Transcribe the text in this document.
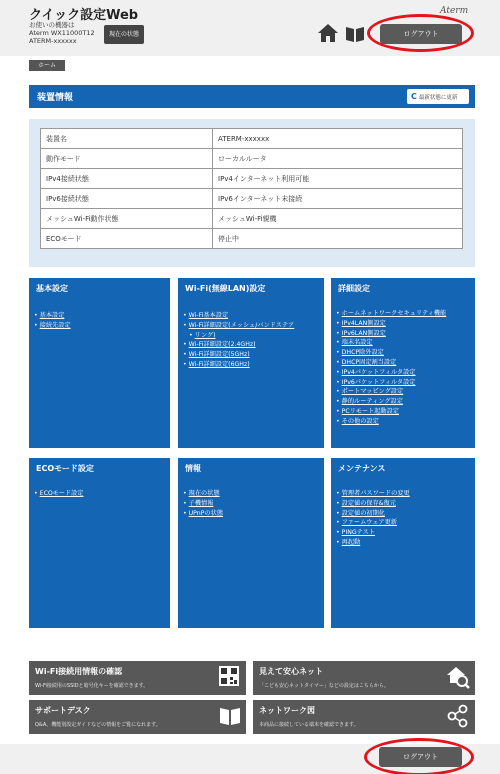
クイック設定Web
お使いの機器は
Aterm WX11000T12
ATERM-xxxxxx
現在の状態
Aterm
ログアウト
ホーム
装置情報	C 最新状態に更新
装置名	ATERM-xxxxxx
動作モード	ローカルルータ
IPv4接続状態	IPv4インターネット利用可能
IPv6接続状態	IPv6インターネット未接続
メッシュWi-Fi動作状態	メッシュWi-Fi親機
ECOモード	停止中
基本設定
• 基本設定
• 接続先設定
Wi-Fi(無線LAN)設定
• Wi-Fi基本設定
• Wi-Fi詳細設定(メッシュ/バンドステア
• リング)
• Wi-Fi詳細設定(2.4GHz)
• Wi-Fi詳細設定(5GHz)
• Wi-Fi詳細設定(6GHz)
詳細設定
• ホームネットワークセキュリティ機能
• IPv4LAN側設定
• IPv6LAN側設定
• 端末名設定
• DHCP除外設定
• DHCP固定割当設定
• IPv4パケットフィルタ設定
• IPv6パケットフィルタ設定
• ポートマッピング設定
• 静的ルーティング設定
• PCリモート起動設定
• その他の設定
ECOモード設定
• ECOモード設定
情報
• 現在の状態
• 子機情報
• UPnPの状態
メンテナンス
• 管理者パスワードの変更
• 設定値の保存&復元
• 設定値の初期化
• ファームウェア更新
• PINGテスト
• 再起動
Wi-Fi接続用情報の確認
Wi-Fi接続用のSSIDと暗号化キーを確認できます。
見えて安心ネット
「こども安心ネットタイマー」などの設定はこちらから。
サポートデスク
Q&A、機能別設定ガイドなどの情報をご覧になれます。
ネットワーク図
本商品に接続している端末を確認できます。
ログアウト
